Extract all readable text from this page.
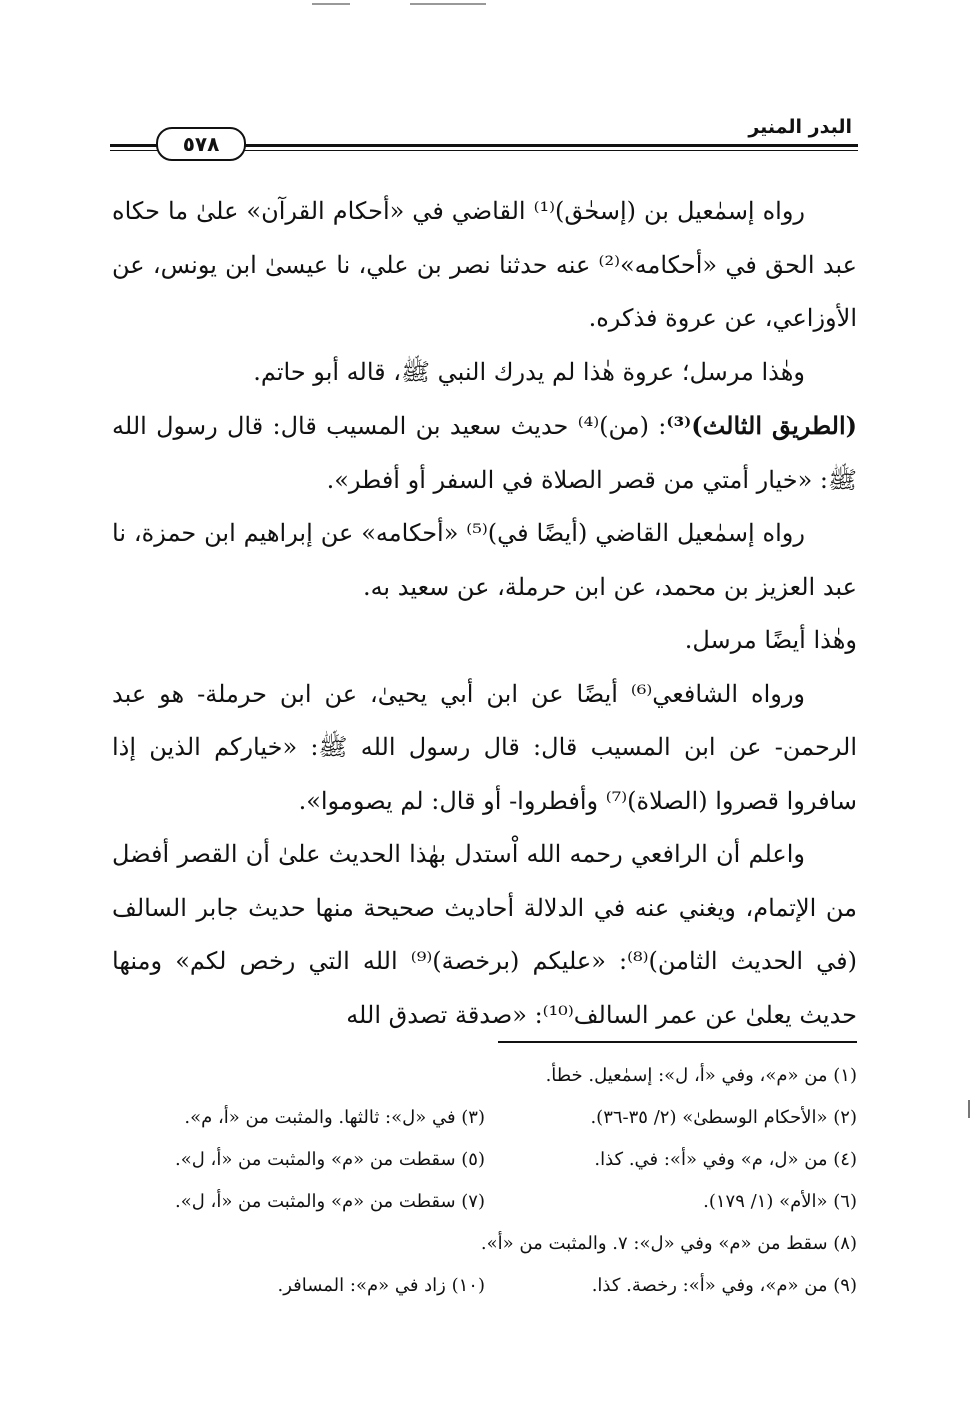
البدر المنير
٥٧٨

رواه إسمٰعيل بن (إسحٰق)⁽¹⁾ القاضي في «أحكام القرآن» علىٰ ما حكاه عبد الحق في «أحكامه»⁽²⁾ عنه حدثنا نصر بن علي، نا عيسىٰ ابن يونس، عن الأوزاعي، عن عروة فذكره.

وهٰذا مرسل؛ عروة هٰذا لم يدرك النبي ﷺ، قاله أبو حاتم.

(الطريق الثالث)⁽³⁾: (من)⁽⁴⁾ حديث سعيد بن المسيب قال: قال رسول الله ﷺ: «خيار أمتي من قصر الصلاة في السفر أو أفطر».

رواه إسمٰعيل القاضي (أيضًا في)⁽⁵⁾ «أحكامه» عن إبراهيم ابن حمزة، نا عبد العزيز بن محمد، عن ابن حرملة، عن سعيد به.

وهٰذا أيضًا مرسل.

ورواه الشافعي⁽⁶⁾ أيضًا عن ابن أبي يحيىٰ، عن ابن حرملة- هو عبد الرحمن- عن ابن المسيب قال: قال رسول الله ﷺ: «خياركم الذين إذا سافروا قصروا (الصلاة)⁽⁷⁾ وأفطروا- أو قال: لم يصوموا».

واعلم أن الرافعي رحمه الله اْستدل بهٰذا الحديث علىٰ أن القصر أفضل من الإتمام، ويغني عنه في الدلالة أحاديث صحيحة منها حديث جابر السالف (في الحديث الثامن)⁽⁸⁾: «عليكم (برخصة)⁽⁹⁾ الله التي رخص لكم» ومنها حديث يعلىٰ عن عمر السالف⁽¹⁰⁾: «صدقة تصدق الله

(١) من «م»، وفي «أ، ل»: إسمٰعيل. خطأ.
(٢) «الأحكام الوسطىٰ» (٢/ ٣٥-٣٦).
(٣) في «ل»: ثالثها. والمثبت من «أ، م».
(٤) من «ل، م» وفي «أ»: في. كذا.
(٥) سقطت من «م» والمثبت من «أ، ل».
(٦) «الأم» (١/ ١٧٩).
(٧) سقطت من «م» والمثبت من «أ، ل».
(٨) سقط من «م» وفي «ل»: ٧. والمثبت من «أ».
(٩) من «م»، وفي «أ»: رخصة. كذا.
(١٠) زاد في «م»: المسافر.
